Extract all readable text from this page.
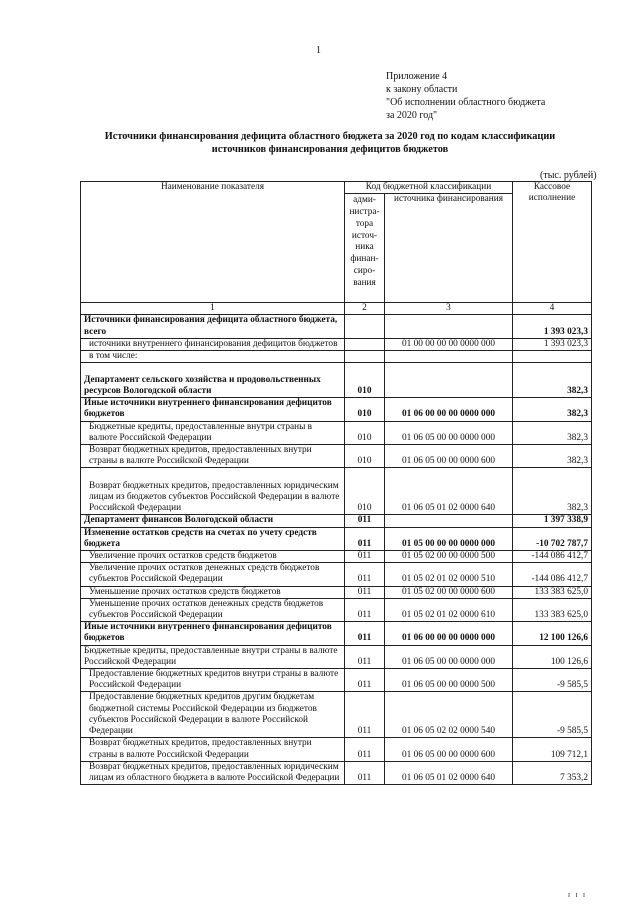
1
Приложение 4
к закону области
"Об исполнении областного бюджета
за 2020 год"
Источники финансирования дефицита областного бюджета за 2020 год по кодам классификации источников финансирования дефицитов бюджетов
(тыс. рублей)
Наименование показателя	Код бюджетной классификации		Кассовое исполнение
	адми-нистра-тора источ-ника финан-сиро-вания	источника финансирования	
1	2	3	4
Источники финансирования дефицита областного бюджета, всего			1 393 023,3
источники внутреннего финансирования дефицитов бюджетов		01 00 00 00 00 0000 000	1 393 023,3
в том числе:			
Департамент сельского хозяйства и продовольственных ресурсов Вологодской области	010		382,3
Иные источники внутреннего финансирования дефицитов бюджетов	010	01 06 00 00 00 0000 000	382,3
Бюджетные кредиты, предоставленные внутри страны в валюте Российской Федерации	010	01 06 05 00 00 0000 000	382,3
Возврат бюджетных кредитов, предоставленных внутри страны в валюте Российской Федерации	010	01 06 05 00 00 0000 600	382,3
Возврат бюджетных кредитов, предоставленных юридическим лицам из бюджетов субъектов Российской Федерации в валюте Российской Федерации	010	01 06 05 01 02 0000 640	382,3
Департамент финансов Вологодской области	011		1 397 338,9
Изменение остатков средств на счетах по учету средств бюджета	011	01 05 00 00 00 0000 000	-10 702 787,7
Увеличение прочих остатков средств бюджетов	011	01 05 02 00 00 0000 500	-144 086 412,7
Увеличение прочих остатков денежных средств бюджетов субъектов Российской Федерации	011	01 05 02 01 02 0000 510	-144 086 412,7
Уменьшение прочих остатков средств бюджетов	011	01 05 02 00 00 0000 600	133 383 625,0
Уменьшение прочих остатков денежных средств бюджетов субъектов Российской Федерации	011	01 05 02 01 02 0000 610	133 383 625,0
Иные источники внутреннего финансирования дефицитов бюджетов	011	01 06 00 00 00 0000 000	12 100 126,6
Бюджетные кредиты, предоставленные внутри страны в валюте Российской Федерации	011	01 06 05 00 00 0000 000	100 126,6
Предоставление бюджетных кредитов внутри страны в валюте Российской Федерации	011	01 06 05 00 00 0000 500	-9 585,5
Предоставление бюджетных кредитов другим бюджетам бюджетной системы Российской Федерации из бюджетов субъектов Российской Федерации в валюте Российской Федерации	011	01 06 05 02 02 0000 540	-9 585,5
Возврат бюджетных кредитов, предоставленных внутри страны в валюте Российской Федерации	011	01 06 05 00 00 0000 600	109 712,1
Возврат бюджетных кредитов, предоставленных юридическим лицам из областного бюджета в валюте Российской Федерации	011	01 06 05 01 02 0000 640	7 353,2
I I I
